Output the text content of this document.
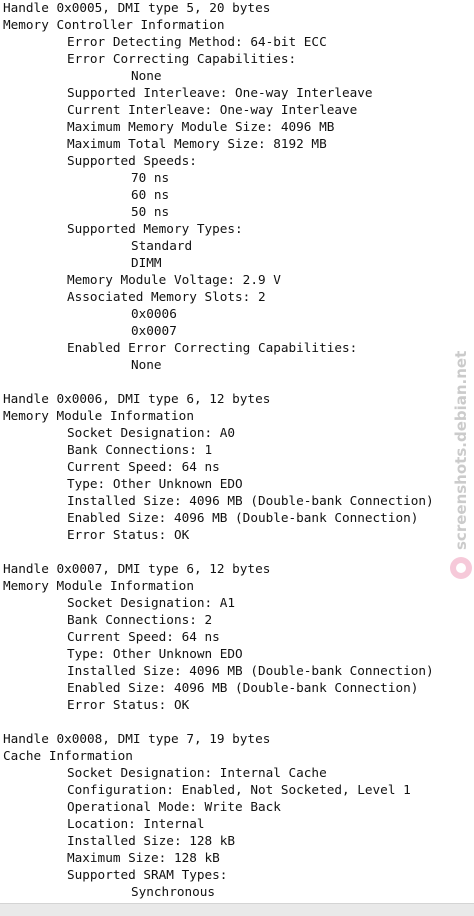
Handle 0x0005, DMI type 5, 20 bytes
Memory Controller Information
Error Detecting Method: 64-bit ECC
Error Correcting Capabilities:
None
Supported Interleave: One-way Interleave
Current Interleave: One-way Interleave
Maximum Memory Module Size: 4096 MB
Maximum Total Memory Size: 8192 MB
Supported Speeds:
70 ns
60 ns
50 ns
Supported Memory Types:
Standard
DIMM
Memory Module Voltage: 2.9 V
Associated Memory Slots: 2
0x0006
0x0007
Enabled Error Correcting Capabilities:
None
Handle 0x0006, DMI type 6, 12 bytes
Memory Module Information
Socket Designation: A0
Bank Connections: 1
Current Speed: 64 ns
Type: Other Unknown EDO
Installed Size: 4096 MB (Double-bank Connection)
Enabled Size: 4096 MB (Double-bank Connection)
Error Status: OK
Handle 0x0007, DMI type 6, 12 bytes
Memory Module Information
Socket Designation: A1
Bank Connections: 2
Current Speed: 64 ns
Type: Other Unknown EDO
Installed Size: 4096 MB (Double-bank Connection)
Enabled Size: 4096 MB (Double-bank Connection)
Error Status: OK
Handle 0x0008, DMI type 7, 19 bytes
Cache Information
Socket Designation: Internal Cache
Configuration: Enabled, Not Socketed, Level 1
Operational Mode: Write Back
Location: Internal
Installed Size: 128 kB
Maximum Size: 128 kB
Supported SRAM Types:
Synchronous
screenshots.debian.net
